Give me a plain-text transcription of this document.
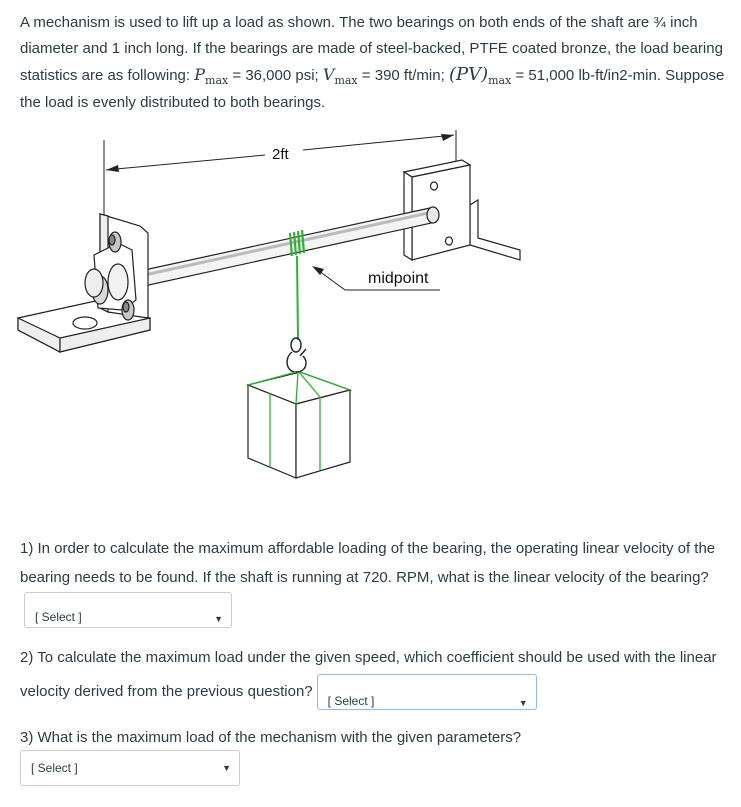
A mechanism is used to lift up a load as shown. The two bearings on both ends of the shaft are ¾ inch diameter and 1 inch long. If the bearings are made of steel-backed, PTFE coated bronze, the load bearing statistics are as following: $P_{max} = 36,000$ psi; $V_{max} = 390$ ft/min; $(PV)_{max} = 51,000$ lb-ft/in2-min. Suppose the load is evenly distributed to both bearings.

2ft
midpoint

1) In order to calculate the maximum affordable loading of the bearing, the operating linear velocity of the bearing needs to be found. If the shaft is running at 720. RPM, what is the linear velocity of the bearing?
[ Select ]	▼

2) To calculate the maximum load under the given speed, which coefficient should be used with the linear velocity derived from the previous question?
[ Select ]	▼

3) What is the maximum load of the mechanism with the given parameters?

[ Select ]	▼
